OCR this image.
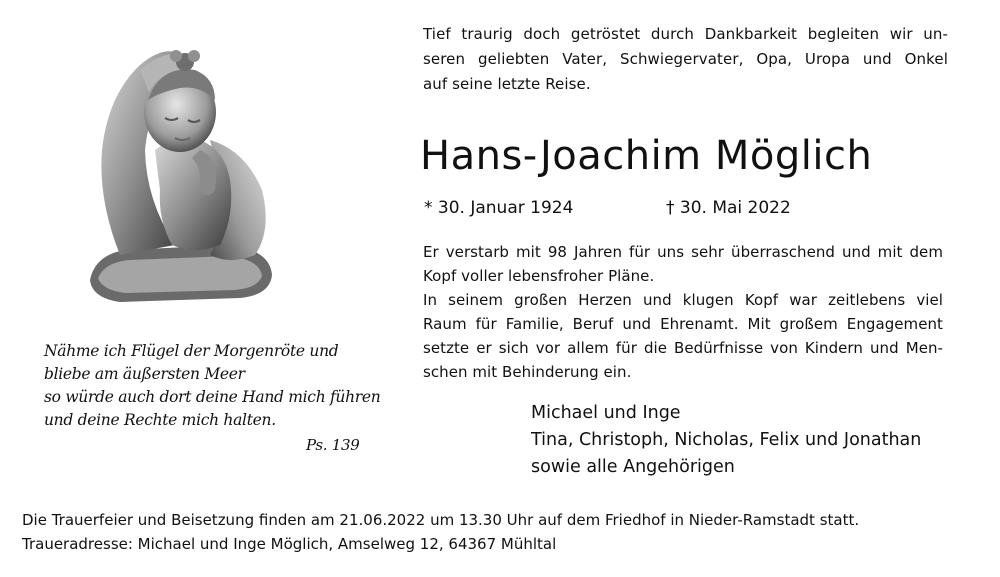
Nähme ich Flügel der Morgenröte und
bliebe am äußersten Meer
so würde auch dort deine Hand mich führen
und deine Rechte mich halten.
Ps. 139
Tief traurig doch getröstet durch Dankbarkeit begleiten wir un-
seren geliebten Vater, Schwiegervater, Opa, Uropa und Onkel
auf seine letzte Reise.
Hans-Joachim Möglich
* 30. Januar 1924	† 30. Mai 2022
Er verstarb mit 98 Jahren für uns sehr überraschend und mit dem
Kopf voller lebensfroher Pläne.
In seinem großen Herzen und klugen Kopf war zeitlebens viel
Raum für Familie, Beruf und Ehrenamt. Mit großem Engagement
setzte er sich vor allem für die Bedürfnisse von Kindern und Men-
schen mit Behinderung ein.
Michael und Inge
Tina, Christoph, Nicholas, Felix und Jonathan
sowie alle Angehörigen
Die Trauerfeier und Beisetzung finden am 21.06.2022 um 13.30 Uhr auf dem Friedhof in Nieder-Ramstadt statt.
Traueradresse: Michael und Inge Möglich, Amselweg 12, 64367 Mühltal
